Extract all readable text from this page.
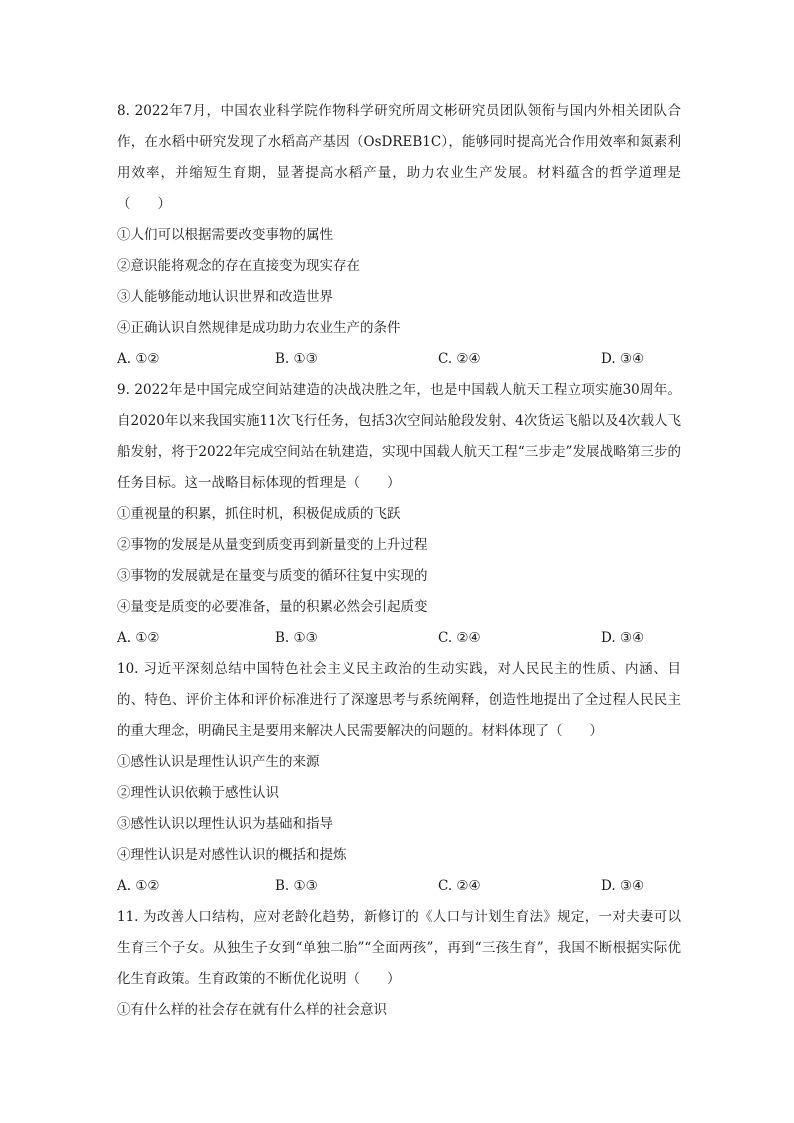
8. 2022年7月，中国农业科学院作物科学研究所周文彬研究员团队领衔与国内外相关团队合作，在水稻中研究发现了水稻高产基因（OsDREB1C），能够同时提高光合作用效率和氮素利用效率，并缩短生育期，显著提高水稻产量，助力农业生产发展。材料蕴含的哲学道理是（　　）
①人们可以根据需要改变事物的属性
②意识能将观念的存在直接变为现实存在
③人能够能动地认识世界和改造世界
④正确认识自然规律是成功助力农业生产的条件
A. ①②	B. ①③	C. ②④	D. ③④
9. 2022年是中国完成空间站建造的决战决胜之年，也是中国载人航天工程立项实施30周年。自2020年以来我国实施11次飞行任务，包括3次空间站舱段发射、4次货运飞船以及4次载人飞船发射，将于2022年完成空间站在轨建造，实现中国载人航天工程“三步走”发展战略第三步的任务目标。这一战略目标体现的哲理是（　　）
①重视量的积累，抓住时机，积极促成质的飞跃
②事物的发展是从量变到质变再到新量变的上升过程
③事物的发展就是在量变与质变的循环往复中实现的
④量变是质变的必要准备，量的积累必然会引起质变
A. ①②	B. ①③	C. ②④	D. ③④
10. 习近平深刻总结中国特色社会主义民主政治的生动实践，对人民民主的性质、内涵、目的、特色、评价主体和评价标准进行了深邃思考与系统阐释，创造性地提出了全过程人民民主的重大理念，明确民主是要用来解决人民需要解决的问题的。材料体现了（　　）
①感性认识是理性认识产生的来源
②理性认识依赖于感性认识
③感性认识以理性认识为基础和指导
④理性认识是对感性认识的概括和提炼
A. ①②	B. ①③	C. ②④	D. ③④
11. 为改善人口结构，应对老龄化趋势，新修订的《人口与计划生育法》规定，一对夫妻可以生育三个子女。从独生子女到“单独二胎”“全面两孩”，再到“三孩生育”，我国不断根据实际优化生育政策。生育政策的不断优化说明（　　）
①有什么样的社会存在就有什么样的社会意识
